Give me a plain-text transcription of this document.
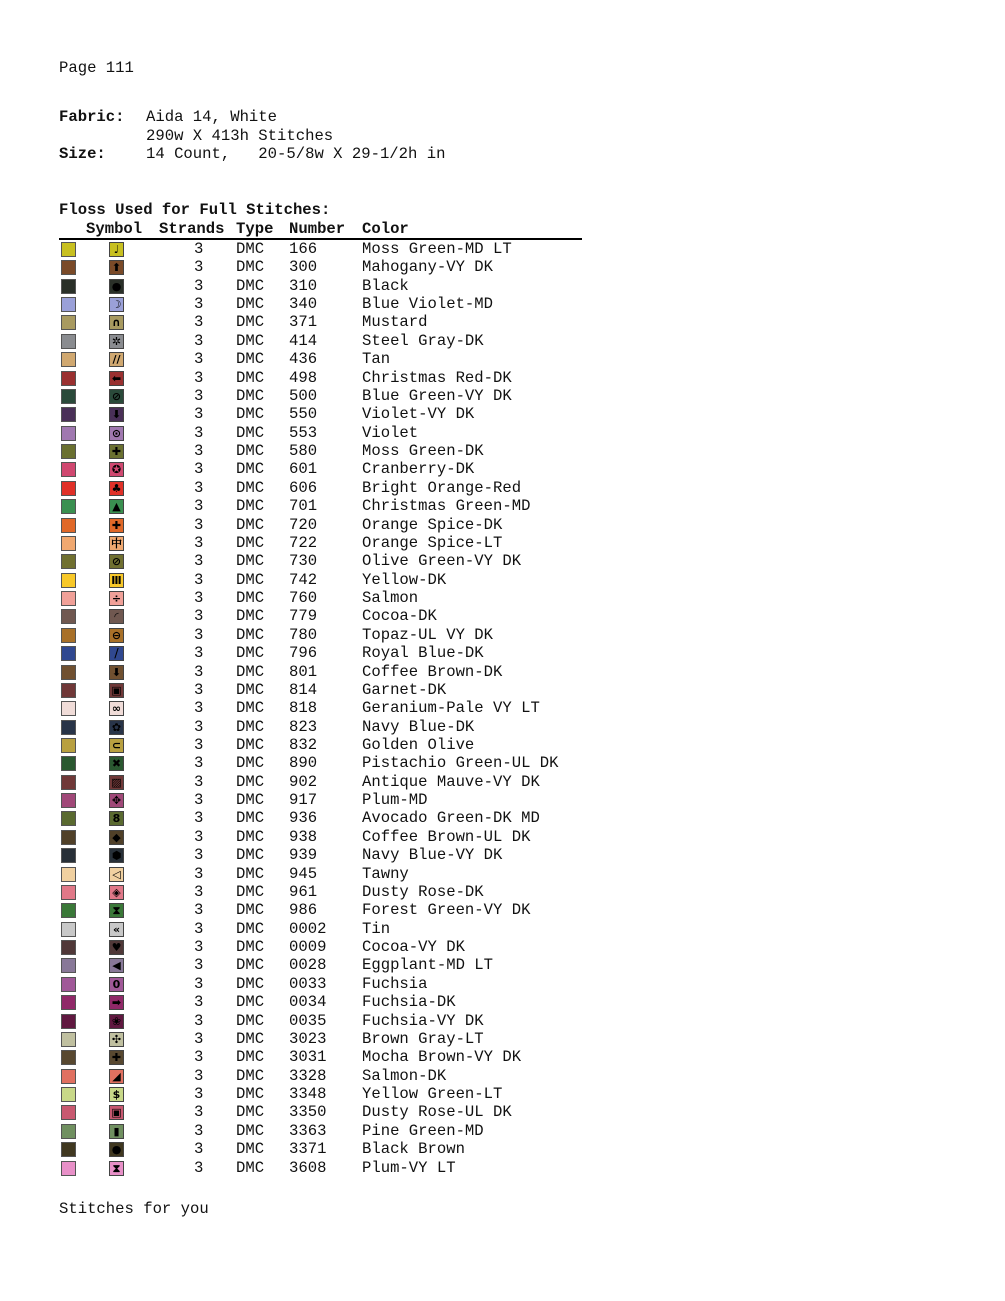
Page 111
Fabric: Aida 14, White
290w X 413h Stitches
Size:	14 Count,   20-5/8w X 29-1/2h in
Floss Used for Full Stitches:
Symbol Strands Type Number Color
♩	3 DMC 166	Moss Green-MD LT
⬆	3 DMC 300	Mahogany-VY DK
●	3 DMC 310	Black
☽	3 DMC 340	Blue Violet-MD
∩	3 DMC 371	Mustard
✲	3 DMC 414	Steel Gray-DK
//	3 DMC 436	Tan
⬅	3 DMC 498	Christmas Red-DK
⊘	3 DMC 500	Blue Green-VY DK
⬇	3 DMC 550	Violet-VY DK
⊙	3 DMC 553	Violet
✚	3 DMC 580	Moss Green-DK
✪	3 DMC 601	Cranberry-DK
♣	3 DMC 606	Bright Orange-Red
▲	3 DMC 701	Christmas Green-MD
✚	3 DMC 720	Orange Spice-DK
中	3 DMC 722	Orange Spice-LT
⊘	3 DMC 730	Olive Green-VY DK
Ⅲ	3 DMC 742	Yellow-DK
÷	3 DMC 760	Salmon
◜	3 DMC 779	Cocoa-DK
⊖	3 DMC 780	Topaz-UL VY DK
⧸	3 DMC 796	Royal Blue-DK
⬇	3 DMC 801	Coffee Brown-DK
▣	3 DMC 814	Garnet-DK
∞	3 DMC 818	Geranium-Pale VY LT
✿	3 DMC 823	Navy Blue-DK
⊂	3 DMC 832	Golden Olive
✖	3 DMC 890	Pistachio Green-UL DK
▨	3 DMC 902	Antique Mauve-VY DK
✥	3 DMC 917	Plum-MD
8	3 DMC 936	Avocado Green-DK MD
◆	3 DMC 938	Coffee Brown-UL DK
⬢	3 DMC 939	Navy Blue-VY DK
◁	3 DMC 945	Tawny
◈	3 DMC 961	Dusty Rose-DK
⧗	3 DMC 986	Forest Green-VY DK
«	3 DMC 0002 Tin
♥	3 DMC 0009 Cocoa-VY DK
◀	3 DMC 0028 Eggplant-MD LT
0	3 DMC 0033 Fuchsia
➡	3 DMC 0034 Fuchsia-DK
❀	3 DMC 0035 Fuchsia-VY DK
✣	3 DMC 3023 Brown Gray-LT
✚	3 DMC 3031 Mocha Brown-VY DK
◢	3 DMC 3328 Salmon-DK
$	3 DMC 3348 Yellow Green-LT
▣	3 DMC 3350 Dusty Rose-UL DK
▮	3 DMC 3363 Pine Green-MD
●	3 DMC 3371 Black Brown
⧗	3 DMC 3608 Plum-VY LT
Stitches for you
